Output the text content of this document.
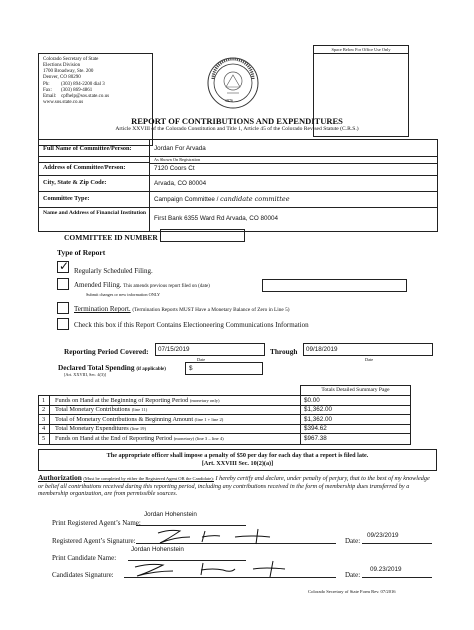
Space Below For Office Use Only
Colorado Secretary of State
Elections Division
1700 Broadway, Ste. 200
Denver, CO 80290
Ph: (303) 894-2200 dial 3
Fax: (303) 869-4861
Email: cpfhelp@sos.state.co.us
www.sos.state.co.us	1876
REPORT OF CONTRIBUTIONS AND EXPENDITURES
Article XXVIII of the Colorado Constitution and Title 1, Article 45 of the Colorado Revised Statute (C.R.S.)
Full Name of Committee/Person:	Jordan For Arvada
As Shown On Registration
Address of Committee/Person:	7120 Coors Ct
City, State & Zip Code:	Arvada, CO 80004
Committee Type:	Campaign Committee / candidate committee
Name and Address of Financial Institution
First Bank 6355 Ward Rd Arvada, CO 80004
COMMITTEE ID NUMBER
Type of Report
✓ Regularly Scheduled Filing.
Amended Filing. This amends previous report filed on (date)
Submit changes or new information ONLY
Termination Report. (Termination Reports MUST Have a Monetary Balance of Zero in Line 5)
Check this box if this Report Contains Electioneering Communications Information
Reporting Period Covered:	07/15/2019
Date
Through	09/18/2019
Date
Declared Total Spending (if applicable)
[Art. XXVIII, Sec. 4(3)]
$
Totals Detailed Summary Page
1 Funds on Hand at the Beginning of Reporting Period (monetary only)	$0.00
2 Total Monetary Contributions (line 11)	$1,362.00
3 Total of Monetary Contributions & Beginning Amount (line 1 + line 2)	$1,362.00
4 Total Monetary Expenditures (line 19)	$394.62
5 Funds on Hand at the End of Reporting Period (monetary) (line 3 – line 4)	$967.38
The appropriate officer shall impose a penalty of $50 per day for each day that a report is filed late.
[Art. XXVIII Sec. 10(2)(a)]
Authorization (Must be completed by either the Registered Agent OR the Candidate): I hereby certify and declare, under penalty of perjury, that to the best of my knowledge or belief all contributions received during this reporting period, including any contributions received in the form of membership dues transferred by a membership organization, are from permissible sources.
Print Registered Agent’s Name:
Jordan Hohenstein
Registered Agent’s Signature:	Date:
09/23/2019
Print Candidate Name:
Jordan Hohenstein
Candidates Signature:	Date:
09.23/2019
Colorado Secretary of State Form Rev. 07/2016
